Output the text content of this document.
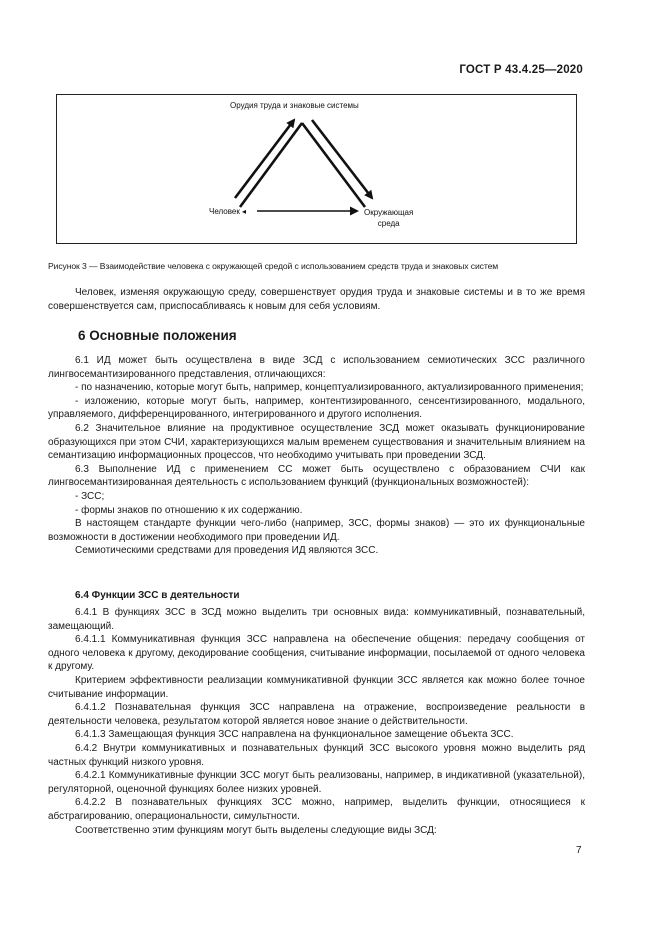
ГОСТ Р 43.4.25—2020
Орудия труда и знаковые системы
Человек ◂	Окружающая
среда
Рисунок 3 — Взаимодействие человека с окружающей средой с использованием средств труда и знаковых систем

Человек, изменяя окружающую среду, совершенствует орудия труда и знаковые системы и в то же время совершенствуется сам, приспосабливаясь к новым для себя условиям.

6 Основные положения

6.1 ИД может быть осуществлена в виде ЗСД с использованием семиотических ЗСС различного лингвосемантизированного представления, отличающихся:

- по назначению, которые могут быть, например, концептуализированного, актуализированного применения;

- изложению, которые могут быть, например, контентизированного, сенсентизированного, модального, управляемого, дифференцированного, интегрированного и другого исполнения.

6.2 Значительное влияние на продуктивное осуществление ЗСД может оказывать функционирование образующихся при этом СЧИ, характеризующихся малым временем существования и значительным влиянием на семантизацию информационных процессов, что необходимо учитывать при проведении ЗСД.

6.3 Выполнение ИД с применением СС может быть осуществлено с образованием СЧИ как лингвосемантизированная деятельность с использованием функций (функциональных возможностей):

- ЗСС;

- формы знаков по отношению к их содержанию.

В настоящем стандарте функции чего-либо (например, ЗСС, формы знаков) — это их функциональные возможности в достижении необходимого при проведении ИД.

Семиотическими средствами для проведения ИД являются ЗСС.

6.4 Функции ЗСС в деятельности

6.4.1 В функциях ЗСС в ЗСД можно выделить три основных вида: коммуникативный, познавательный, замещающий.

6.4.1.1 Коммуникативная функция ЗСС направлена на обеспечение общения: передачу сообщения от одного человека к другому, декодирование сообщения, считывание информации, посылаемой от одного человека к другому.

Критерием эффективности реализации коммуникативной функции ЗСС является как можно более точное считывание информации.

6.4.1.2 Познавательная функция ЗСС направлена на отражение, воспроизведение реальности в деятельности человека, результатом которой является новое знание о действительности.

6.4.1.3 Замещающая функция ЗСС направлена на функциональное замещение объекта ЗСС.

6.4.2 Внутри коммуникативных и познавательных функций ЗСС высокого уровня можно выделить ряд частных функций низкого уровня.

6.4.2.1 Коммуникативные функции ЗСС могут быть реализованы, например, в индикативной (указательной), регуляторной, оценочной функциях более низких уровней.

6.4.2.2 В познавательных функциях ЗСС можно, например, выделить функции, относящиеся к абстрагированию, операциональности, симультности.

Соответственно этим функциям могут быть выделены следующие виды ЗСД:

7
